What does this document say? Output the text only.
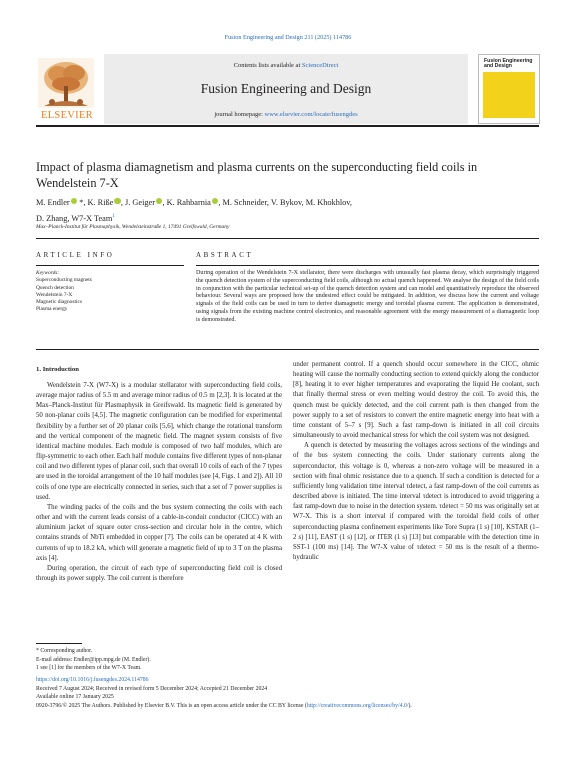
Fusion Engineering and Design 211 (2025) 114786
ELSEVIER
Contents lists available at ScienceDirect
Fusion Engineering and Design
journal homepage: www.elsevier.com/locate/fusengdes
Fusion Engineering and Design
Impact of plasma diamagnetism and plasma currents on the superconducting field coils in Wendelstein 7-X
M. Endler *, K. Riße , J. Geiger , K. Rahbarnia , M. Schneider, V. Bykov, M. Khokhlov,
D. Zhang, W7-X Team$^1$
Max–Planck-Institut für Plasmaphysik, Wendelsteinstraße 1, 17491 Greifswald, Germany
ARTICLE INFO	ABSTRACT
Keywords:
Superconducting magnets
Quench detection
Wendelstein 7-X
Magnetic diagnostics
Plasma energy
During operation of the Wendelstein 7-X stellarator, there were discharges with unusually fast plasma decay, which surprisingly triggered the quench detection system of the superconducting field coils, although no actual quench happened. We analyse the design of the field coils in conjunction with the particular technical set-up of the quench detection system and can model and quantitatively reproduce the observed behaviour. Several ways are proposed how the undesired effect could be mitigated. In addition, we discuss how the current and voltage signals of the field coils can be used in turn to derive diamagnetic energy and toroidal plasma current. The application is demonstrated, using signals from the existing machine control electronics, and reasonable agreement with the energy measurement of a diamagnetic loop is demonstrated.
1. Introduction

Wendelstein 7-X (W7-X) is a modular stellarator with superconducting field coils, average major radius of 5.5 m and average minor radius of 0.5 m [2,3]. It is located at the Max–Planck-Institut für Plasmaphysik in Greifswald. Its magnetic field is generated by 50 non-planar coils [4,5]. The magnetic configuration can be modified for experimental flexibility by a further set of 20 planar coils [5,6], which change the rotational transform and the vertical component of the magnetic field. The magnet system consists of five identical machine modules. Each module is composed of two half modules, which are flip-symmetric to each other. Each half module contains five different types of non-planar coil and two different types of planar coil, such that overall 10 coils of each of the 7 types are used in the toroidal arrangement of the 10 half modules (see [4, Figs. 1 and 2]). All 10 coils of one type are electrically connected in series, such that a set of 7 power supplies is used.

The winding packs of the coils and the bus system connecting the coils with each other and with the current leads consist of a cable-in-conduit conductor (CICC) with an aluminium jacket of square outer cross-section and circular hole in the centre, which contains strands of NbTi embedded in copper [7]. The coils can be operated at 4 K with currents of up to 18.2 kA, which will generate a magnetic field of up to 3 T on the plasma axis [4].

During operation, the circuit of each type of superconducting field coil is closed through its power supply. The coil current is therefore

under permanent control. If a quench should occur somewhere in the CICC, ohmic heating will cause the normally conducting section to extend quickly along the conductor [8], heating it to ever higher temperatures and evaporating the liquid He coolant, such that finally thermal stress or even melting would destroy the coil. To avoid this, the quench must be quickly detected, and the coil current path is then changed from the power supply to a set of resistors to convert the entire magnetic energy into heat with a time constant of 5–7 s [9]. Such a fast ramp-down is initiated in all coil circuits simultaneously to avoid mechanical stress for which the coil system was not designed.

A quench is detected by measuring the voltages across sections of the windings and of the bus system connecting the coils. Under stationary currents along the superconductor, this voltage is 0, whereas a non-zero voltage will be measured in a section with final ohmic resistance due to a quench. If such a condition is detected for a sufficiently long validation time interval τdetect, a fast ramp-down of the coil currents as described above is initiated. The time interval τdetect is introduced to avoid triggering a fast ramp-down due to noise in the detection system. τdetect = 50 ms was originally set at W7-X. This is a short interval if compared with the toroidal field coils of other superconducting plasma confinement experiments like Tore Supra (1 s) [10], KSTAR (1–2 s) [11], EAST (1 s) [12], or ITER (1 s) [13] but comparable with the detection time in SST-1 (100 ms) [14]. The W7-X value of τdetect = 50 ms is the result of a thermo-hydraulic

* Corresponding author.
E-mail address: Endler@ipp.mpg.de (M. Endler).
1 see [1] for the members of the W7-X Team.
https://doi.org/10.1016/j.fusengdes.2024.114786
Received 7 August 2024; Received in revised form 5 December 2024; Accepted 21 December 2024
Available online 17 January 2025
0920-3796/© 2025 The Authors. Published by Elsevier B.V. This is an open access article under the CC BY license (http://creativecommons.org/licenses/by/4.0/).
